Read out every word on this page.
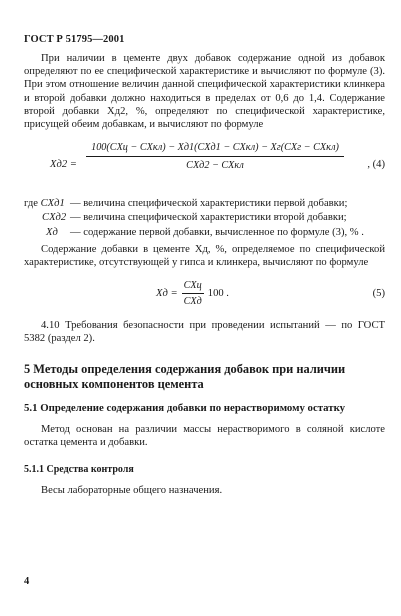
ГОСТ Р 51795—2001

При наличии в цементе двух добавок содержание одной из добавок определяют по ее специфической характеристике и вычисляют по формуле (3). При этом отношение величин данной специфической характеристики клинкера и второй добавки должно находиться в пределах от 0,6 до 1,4. Содержание второй добавки Xд2, %, определяют по специфической характеристике, присущей обеим добавкам, и вычисляют по формуле

Xд2 =
100(CXц − CXкл) − Xд1(CXд1 − CXкл) − Xг(CXг − CXкл)
CXд2 − CXкл	, (4)
где CXд1 — величина специфической характеристики первой добавки;
CXд2 — величина специфической характеристики второй добавки;
Xд	— содержание первой добавки, вычисленное по формуле (3), % .

Содержание добавки в цементе Xд, %, определяемое по специфической характеристике, отсутствующей у гипса и клинкера, вычисляют по формуле

Xд =
CXц
CXд
100 .	(5)

4.10 Требования безопасности при проведении испытаний — по ГОСТ 5382 (раздел 2).

5 Методы определения содержания добавок при наличии основных компонентов цемента
5.1 Определение содержания добавки по нерастворимому остатку

Метод основан на различии массы нерастворимого в соляной кислоте остатка цемента и добавки.

5.1.1 Средства контроля

Весы лабораторные общего назначения.

4
